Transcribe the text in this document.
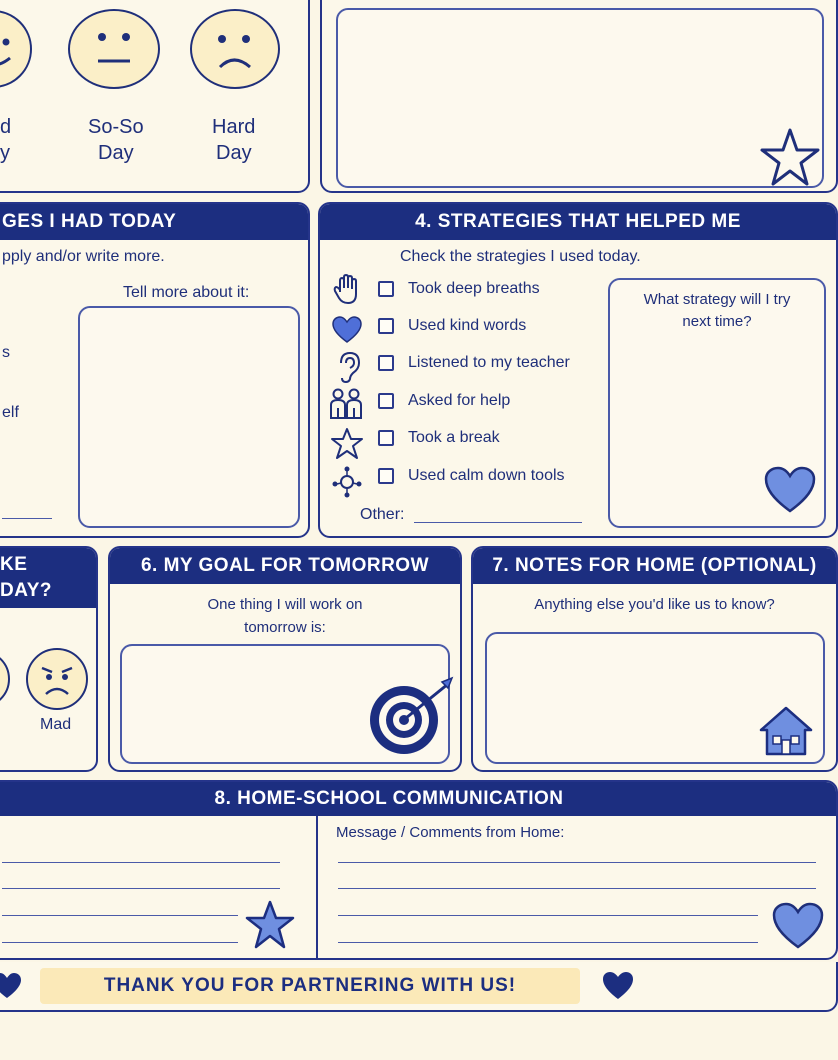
d
y
So-So
Day
Hard
Day
GES I HAD TODAY
pply and/or write more.
Tell more about it:
s
elf
4. STRATEGIES THAT HELPED ME
Check the strategies I used today.
Took deep breaths
Used kind words
Listened to my teacher
Asked for help
Took a break
Used calm down tools
Other:
What strategy will I try
next time?
KE
DAY?
Mad
6. MY GOAL FOR TOMORROW
One thing I will work on
tomorrow is:
7. NOTES FOR HOME (OPTIONAL)
Anything else you'd like us to know?
8. HOME-SCHOOL COMMUNICATION
Message / Comments from Home:
THANK YOU FOR PARTNERING WITH US!
